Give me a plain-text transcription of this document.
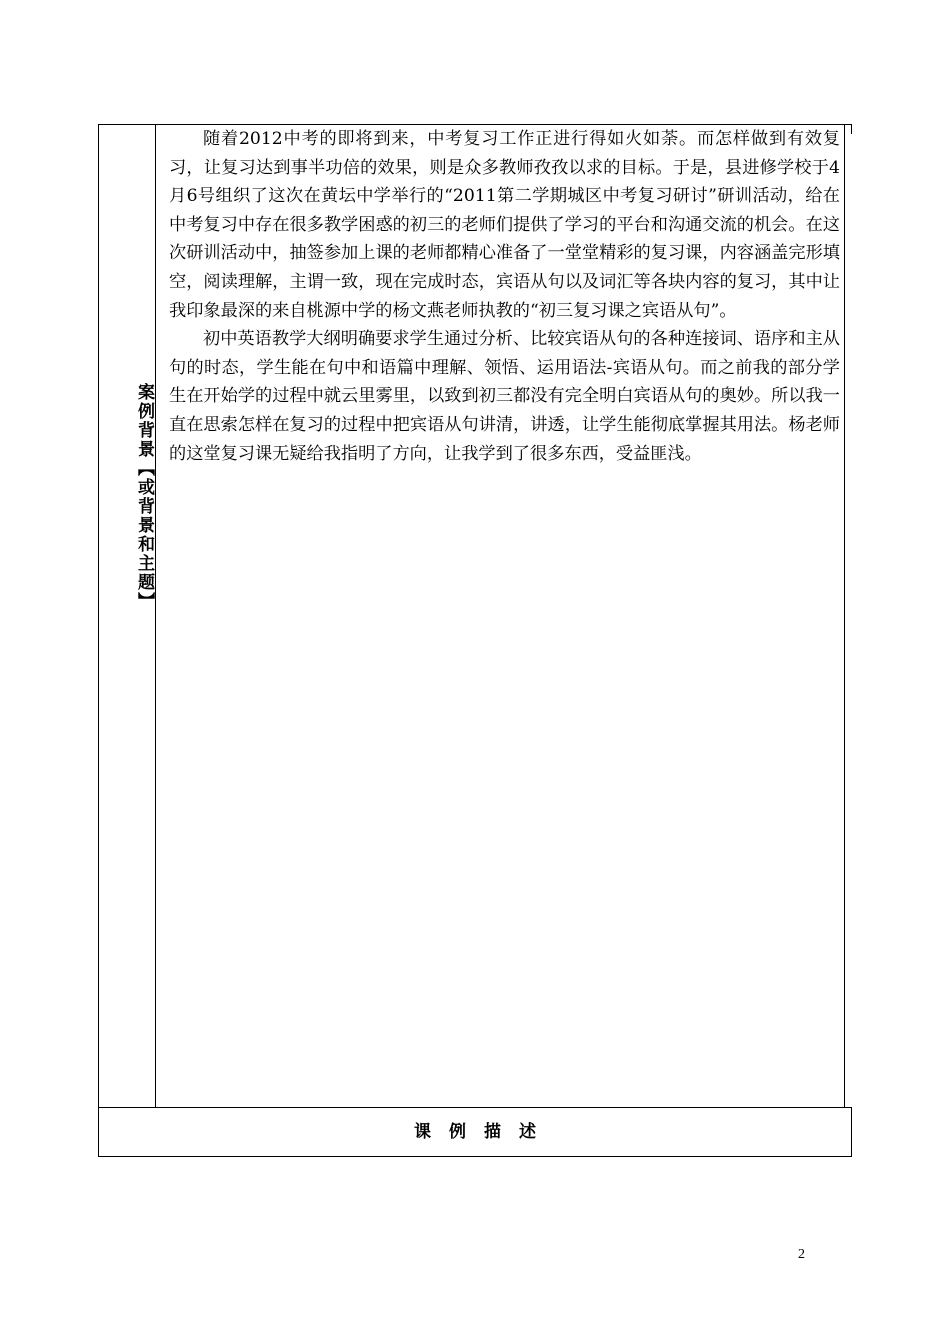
案例背景【或背景和主题】

随着2012中考的即将到来，中考复习工作正进行得如火如荼。而怎样做到有效复习，让复习达到事半功倍的效果，则是众多教师孜孜以求的目标。于是，县进修学校于4月6号组织了这次在黄坛中学举行的“2011第二学期城区中考复习研讨”研训活动，给在中考复习中存在很多教学困惑的初三的老师们提供了学习的平台和沟通交流的机会。在这次研训活动中，抽签参加上课的老师都精心准备了一堂堂精彩的复习课，内容涵盖完形填空，阅读理解，主谓一致，现在完成时态，宾语从句以及词汇等各块内容的复习，其中让我印象最深的来自桃源中学的杨文燕老师执教的“初三复习课之宾语从句”。

初中英语教学大纲明确要求学生通过分析、比较宾语从句的各种连接词、语序和主从句的时态，学生能在句中和语篇中理解、领悟、运用语法-宾语从句。而之前我的部分学生在开始学的过程中就云里雾里，以致到初三都没有完全明白宾语从句的奥妙。所以我一直在思索怎样在复习的过程中把宾语从句讲清，讲透，让学生能彻底掌握其用法。杨老师的这堂复习课无疑给我指明了方向，让我学到了很多东西，受益匪浅。

课例描述
2
